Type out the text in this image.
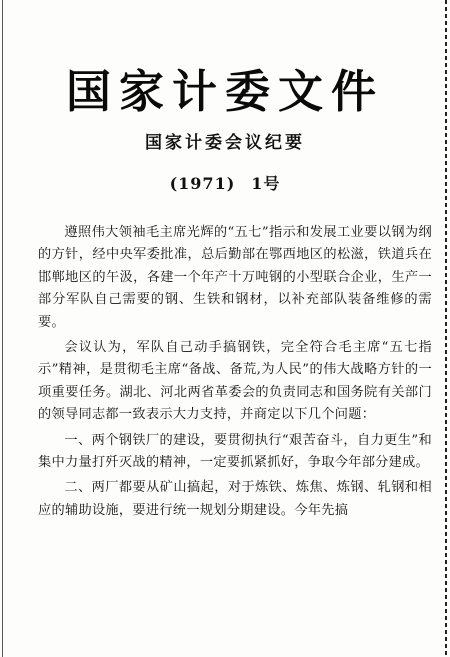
国家计委文件
国家计委会议纪要
(1971) 1号

遵照伟大领袖毛主席光辉的“五七”指示和发展工业要以钢为纲的方针，经中央军委批准，总后勤部在鄂西地区的松滋，铁道兵在邯郸地区的午汲，各建一个年产十万吨钢的小型联合企业，生产一部分军队自己需要的钢、生铁和钢材，以补充部队装备维修的需要。

会议认为，军队自己动手搞钢铁，完全符合毛主席“五七指示”精神，是贯彻毛主席“备战、备荒,为人民”的伟大战略方针的一项重要任务。湖北、河北两省革委会的负责同志和国务院有关部门的领导同志都一致表示大力支持，并商定以下几个问题：

一、两个钢铁厂的建设，要贯彻执行“艰苦奋斗，自力更生”和集中力量打歼灭战的精神，一定要抓紧抓好，争取今年部分建成。

二、两厂都要从矿山搞起，对于炼铁、炼焦、炼钢、轧钢和相应的辅助设施，要进行统一规划分期建设。今年先搞
